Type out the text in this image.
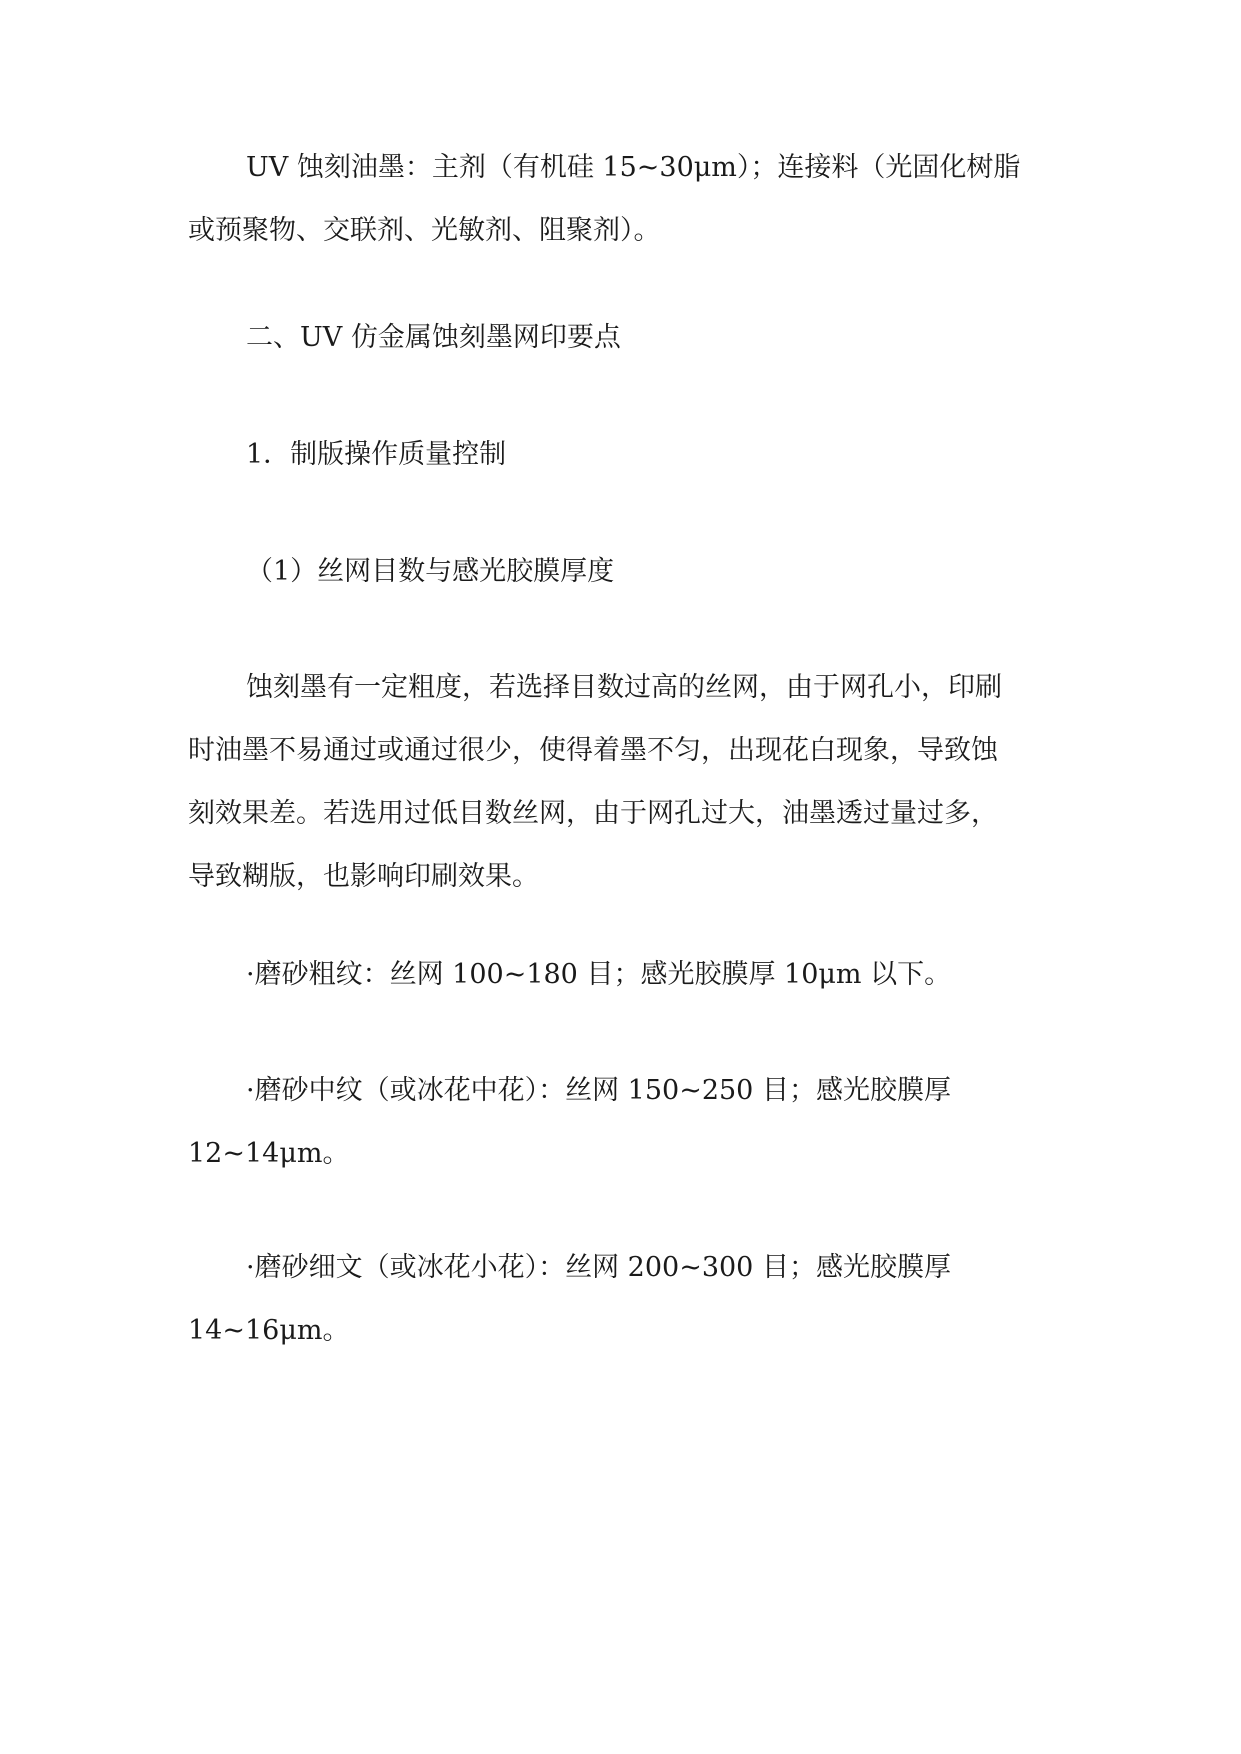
UV 蚀刻油墨：主剂（有机硅 15~30μm）；连接料（光固化树脂
或预聚物、交联剂、光敏剂、阻聚剂）。
二、UV 仿金属蚀刻墨网印要点
1．制版操作质量控制
（1）丝网目数与感光胶膜厚度
蚀刻墨有一定粗度，若选择目数过高的丝网，由于网孔小，印刷
时油墨不易通过或通过很少，使得着墨不匀，出现花白现象，导致蚀
刻效果差。若选用过低目数丝网，由于网孔过大，油墨透过量过多，
导致糊版，也影响印刷效果。
·磨砂粗纹：丝网 100~180 目；感光胶膜厚 10μm 以下。
·磨砂中纹（或冰花中花）：丝网 150~250 目；感光胶膜厚
12~14μm。
·磨砂细文（或冰花小花）：丝网 200~300 目；感光胶膜厚
14~16μm。
